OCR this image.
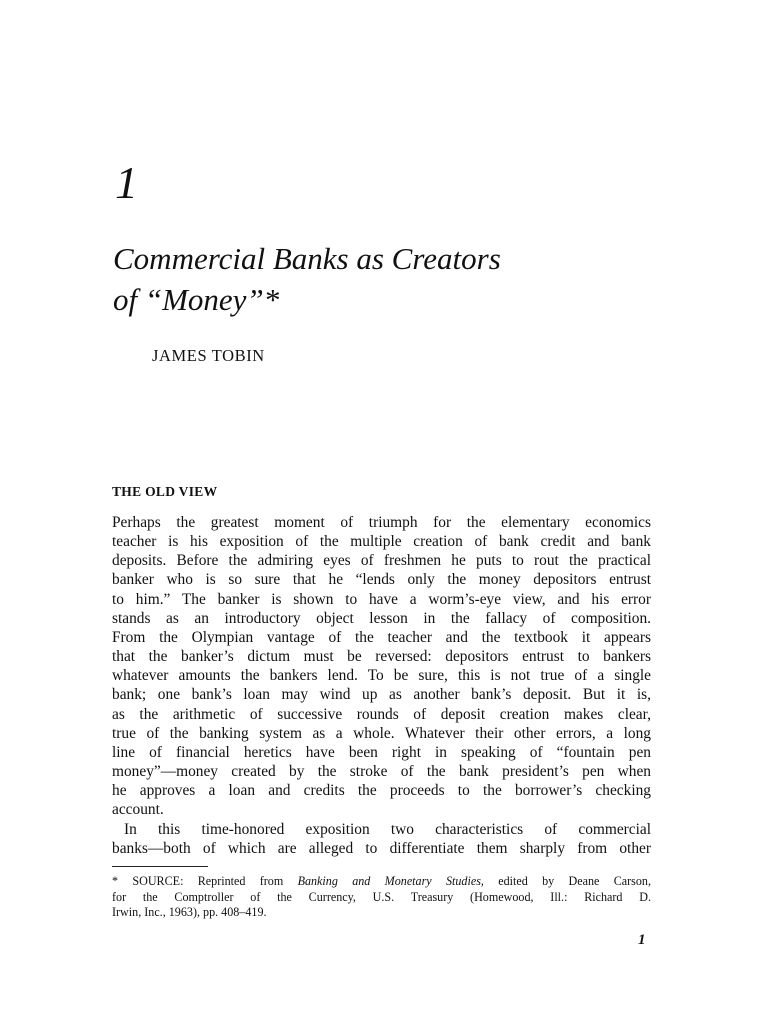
1
Commercial Banks as Creators
of “Money”*
JAMES TOBIN
THE OLD VIEW
Perhaps the greatest moment of triumph for the elementary economics
teacher is his exposition of the multiple creation of bank credit and bank
deposits. Before the admiring eyes of freshmen he puts to rout the practical
banker who is so sure that he “lends only the money depositors entrust
to him.” The banker is shown to have a worm’s-eye view, and his error
stands as an introductory object lesson in the fallacy of composition.
From the Olympian vantage of the teacher and the textbook it appears
that the banker’s dictum must be reversed: depositors entrust to bankers
whatever amounts the bankers lend. To be sure, this is not true of a single
bank; one bank’s loan may wind up as another bank’s deposit. But it is,
as the arithmetic of successive rounds of deposit creation makes clear,
true of the banking system as a whole. Whatever their other errors, a long
line of financial heretics have been right in speaking of “fountain pen
money”—money created by the stroke of the bank president’s pen when
he approves a loan and credits the proceeds to the borrower’s checking
account.
In this time-honored exposition two characteristics of commercial
banks—both of which are alleged to differentiate them sharply from other
* SOURCE: Reprinted from Banking and Monetary Studies, edited by Deane Carson,
for the Comptroller of the Currency, U.S. Treasury (Homewood, Ill.: Richard D.
Irwin, Inc., 1963), pp. 408–419.
1
